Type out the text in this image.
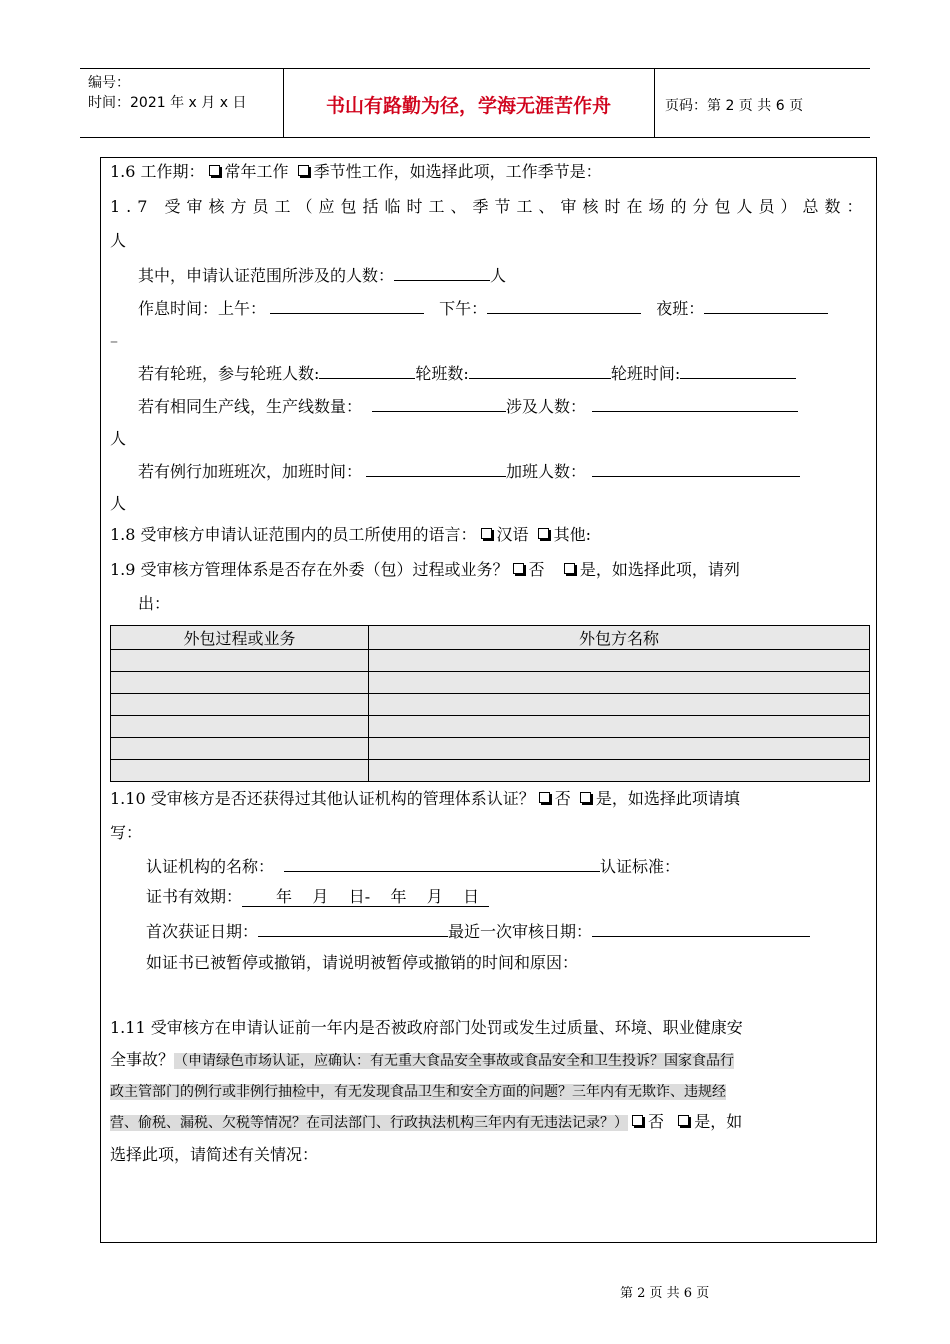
编号：
时间：2021 年 x 月 x 日	书山有路勤为径，学海无涯苦作舟	页码：第 2 页 共 6 页
1.6 工作期： 常年工作 季节性工作，如选择此项，工作季节是：
1.7 受审核方员工（应包括临时工、季节工、审核时在场的分包人员）总数：
人
其中，申请认证范围所涉及的人数：	人
作息时间：上午：	下午：	夜班：
–
若有轮班，参与轮班人数:	轮班数:	轮班时间:
若有相同生产线，生产线数量：	涉及人数：
人
若有例行加班班次，加班时间：	加班人数：
人
1.8 受审核方申请认证范围内的员工所使用的语言： 汉语 其他:
1.9 受审核方管理体系是否存在外委（包）过程或业务？ 否 是，如选择此项，请列
出：
外包过程或业务	外包方名称

1.10 受审核方是否还获得过其他认证机构的管理体系认证？ 否 是，如选择此项请填
写：
认证机构的名称：	认证标准：
证书有效期： 年    月    日-    年    月    日
首次获证日期：	最近一次审核日期：
如证书已被暂停或撤销，请说明被暂停或撤销的时间和原因：
1.11 受审核方在申请认证前一年内是否被政府部门处罚或发生过质量、环境、职业健康安
全事故？（申请绿色市场认证，应确认：有无重大食品安全事故或食品安全和卫生投诉？国家食品行
政主管部门的例行或非例行抽检中，有无发现食品卫生和安全方面的问题？三年内有无欺诈、违规经
营、偷税、漏税、欠税等情况？在司法部门、行政执法机构三年内有无违法记录？） 否 是，如
选择此项，请简述有关情况：
第 2 页 共 6 页
